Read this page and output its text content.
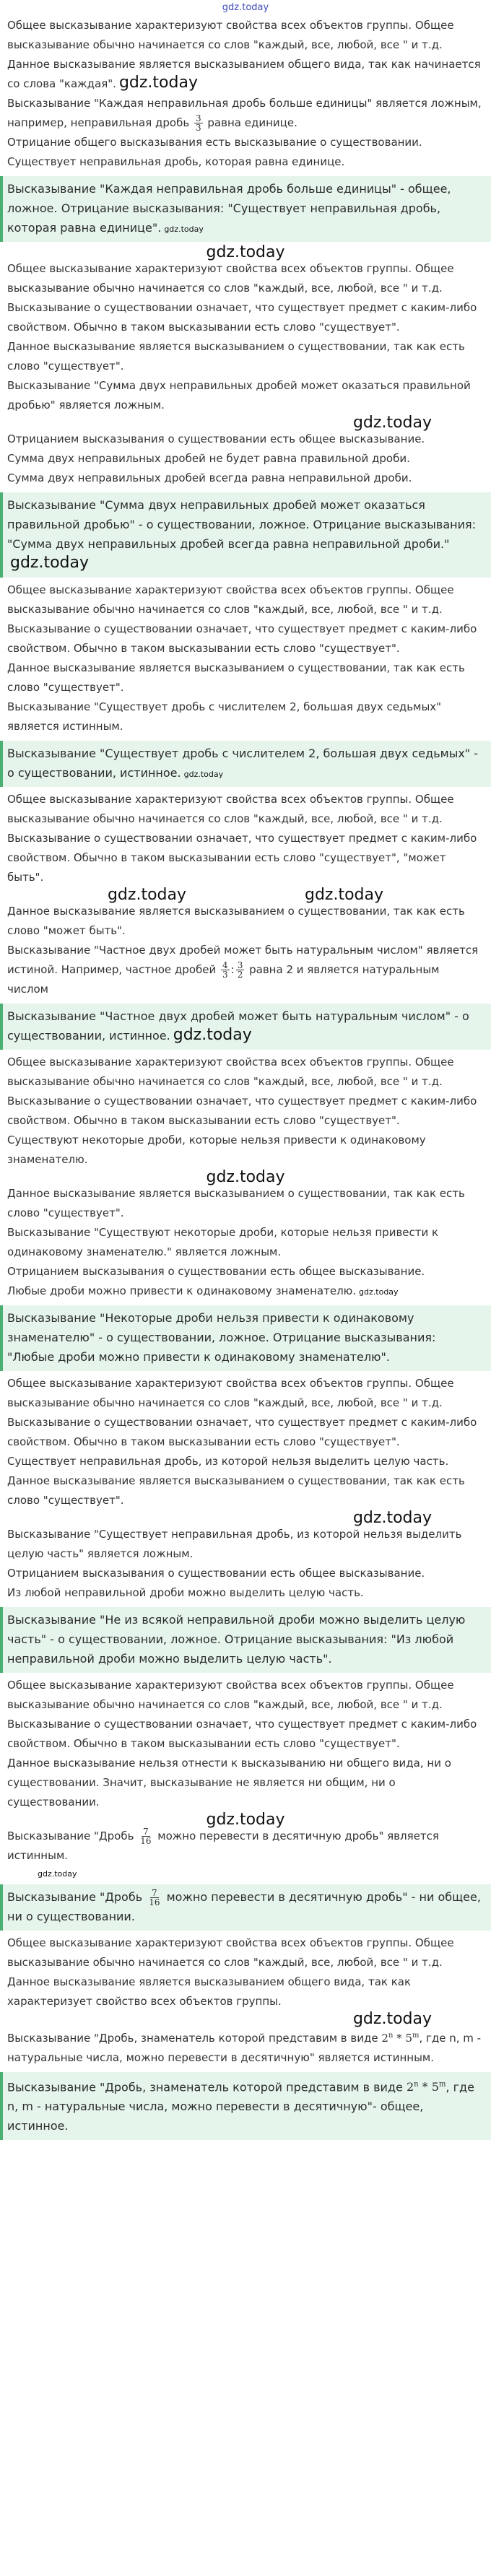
gdz.today

Общее высказывание характеризуют свойства всех объектов группы. Общее высказывание обычно начинается со слов "каждый, все, любой, все " и т.д.

Данное высказывание является высказыванием общего вида, так как начинается со слова "каждая". gdz.today

Высказывание "Каждая неправильная дробь больше единицы" является ложным, например, неправильная дробь $\frac{3}{3}$ равна единице.

Отрицание общего высказывания есть высказывание о существовании.

Существует неправильная дробь, которая равна единице.

Высказывание "Каждая неправильная дробь больше единицы" - общее, ложное. Отрицание высказывания: "Существует неправильная дробь, которая равна единице". gdz.today
gdz.today

Общее высказывание характеризуют свойства всех объектов группы. Общее высказывание обычно начинается со слов "каждый, все, любой, все " и т.д.

Высказывание о существовании означает, что существует предмет с каким-либо свойством. Обычно в таком высказывании есть слово "существует".

Данное высказывание является высказыванием о существовании, так как есть слово "существует".

Высказывание "Сумма двух неправильных дробей может оказаться правильной дробью" является ложным.

gdz.today

Отрицанием высказывания о существовании есть общее высказывание.

Сумма двух неправильных дробей не будет равна правильной дроби.

Сумма двух неправильных дробей всегда равна неправильной дроби.

Высказывание "Сумма двух неправильных дробей может оказаться правильной дробью" - о существовании, ложное. Отрицание высказывания: "Сумма двух неправильных дробей всегда равна неправильной дроби."gdz.today

Общее высказывание характеризуют свойства всех объектов группы. Общее высказывание обычно начинается со слов "каждый, все, любой, все " и т.д.

Высказывание о существовании означает, что существует предмет с каким-либо свойством. Обычно в таком высказывании есть слово "существует".

Данное высказывание является высказыванием о существовании, так как есть слово "существует".

Высказывание "Существует дробь с числителем 2, большая двух седьмых" является истинным.

Высказывание "Существует дробь с числителем 2, большая двух седьмых" - о существовании, истинное. gdz.today

Общее высказывание характеризуют свойства всех объектов группы. Общее высказывание обычно начинается со слов "каждый, все, любой, все " и т.д.

Высказывание о существовании означает, что существует предмет с каким-либо свойством. Обычно в таком высказывании есть слово "существует", "может быть".

gdz.today	gdz.today

Данное высказывание является высказыванием о существовании, так как есть слово "может быть".

Высказывание "Частное двух дробей может быть натуральным числом" является истиной. Например, частное дробей $\frac{4}{3}$ : $\frac{3}{2}$ равна 2 и является натуральным числом

Высказывание "Частное двух дробей может быть натуральным числом" - о существовании, истинное. gdz.today

Общее высказывание характеризуют свойства всех объектов группы. Общее высказывание обычно начинается со слов "каждый, все, любой, все " и т.д.

Высказывание о существовании означает, что существует предмет с каким-либо свойством. Обычно в таком высказывании есть слово "существует".

Существуют некоторые дроби, которые нельзя привести к одинаковому знаменателю.

gdz.today

Данное высказывание является высказыванием о существовании, так как есть слово "существует".

Высказывание "Существуют некоторые дроби, которые нельзя привести к одинаковому знаменателю." является ложным.

Отрицанием высказывания о существовании есть общее высказывание.

Любые дроби можно привести к одинаковому знаменателю. gdz.today

Высказывание "Некоторые дроби нельзя привести к одинаковому знаменателю" - о существовании, ложное. Отрицание высказывания: "Любые дроби можно привести к одинаковому знаменателю".

Общее высказывание характеризуют свойства всех объектов группы. Общее высказывание обычно начинается со слов "каждый, все, любой, все " и т.д.

Высказывание о существовании означает, что существует предмет с каким-либо свойством. Обычно в таком высказывании есть слово "существует".

Существует неправильная дробь, из которой нельзя выделить целую часть.

Данное высказывание является высказыванием о существовании, так как есть слово "существует".

gdz.today

Высказывание "Существует неправильная дробь, из которой нельзя выделить целую часть" является ложным.

Отрицанием высказывания о существовании есть общее высказывание.

Из любой неправильной дроби можно выделить целую часть.

Высказывание "Не из всякой неправильной дроби можно выделить целую часть" - о существовании, ложное. Отрицание высказывания: "Из любой неправильной дроби можно выделить целую часть".

Общее высказывание характеризуют свойства всех объектов группы. Общее высказывание обычно начинается со слов "каждый, все, любой, все " и т.д.

Высказывание о существовании означает, что существует предмет с каким-либо свойством. Обычно в таком высказывании есть слово "существует".

Данное высказывание нельзя отнести к высказыванию ни общего вида, ни о существовании. Значит, высказывание не является ни общим, ни о существовании.

gdz.today

Высказывание "Дробь $\frac{7}{16}$ можно перевести в десятичную дробь" является истинным.

gdz.today
Высказывание "Дробь $\frac{7}{16}$ можно перевести в десятичную дробь" - ни общее, ни о существовании.

Общее высказывание характеризуют свойства всех объектов группы. Общее высказывание обычно начинается со слов "каждый, все, любой, все " и т.д.

Данное высказывание является высказыванием общего вида, так как характеризует свойство всех объектов группы.

gdz.today

Высказывание "Дробь, знаменатель которой представим в виде 2$^n$ * 5$^m$, где n, m - натуральные числа, можно перевести в десятичную" является истинным.

Высказывание "Дробь, знаменатель которой представим в виде 2$^n$ * 5$^m$, где n, m - натуральные числа, можно перевести в десятичную"- общее, истинное.
